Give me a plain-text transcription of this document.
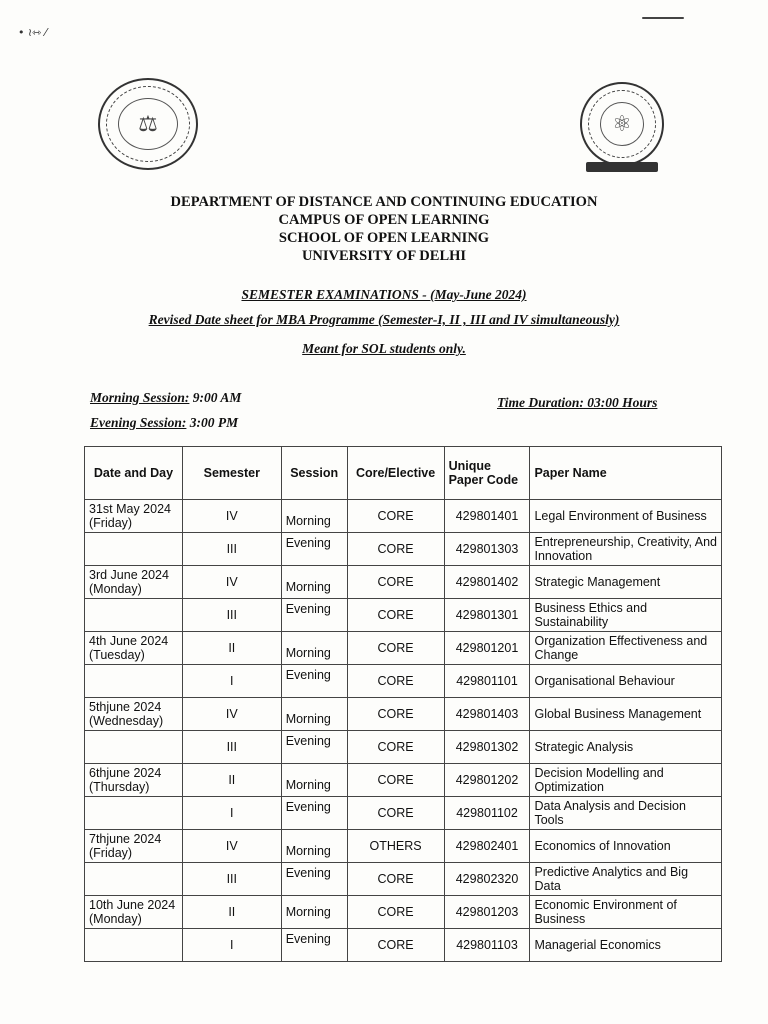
• ≀⇿ ⁄
⚖	⚛
DEPARTMENT OF DISTANCE AND CONTINUING EDUCATION
CAMPUS OF OPEN LEARNING
SCHOOL OF OPEN LEARNING
UNIVERSITY OF DELHI
SEMESTER EXAMINATIONS - (May-June 2024)
Revised Date sheet for MBA Programme (Semester-I, II , III and IV simultaneously)
Meant for SOL students only.
Morning Session: 9:00 AM
Evening Session: 3:00 PM
Time Duration: 03:00 Hours
Date and Day	Semester	Session	Core/Elective	Unique Paper Code	Paper Name
31st May 2024 (Friday)	IV	Morning	CORE	429801401	Legal Environment of Business
	III	Evening	CORE	429801303	Entrepreneurship, Creativity, And Innovation
3rd June 2024 (Monday)	IV	Morning	CORE	429801402	Strategic Management
	III	Evening	CORE	429801301	Business Ethics and Sustainability
4th June 2024 (Tuesday)	II	Morning	CORE	429801201	Organization Effectiveness and Change
	I	Evening	CORE	429801101	Organisational Behaviour
5thjune 2024 (Wednesday)	IV	Morning	CORE	429801403	Global Business Management
	III	Evening	CORE	429801302	Strategic Analysis
6thjune 2024 (Thursday)	II	Morning	CORE	429801202	Decision Modelling and Optimization
	I	Evening	CORE	429801102	Data Analysis and Decision Tools
7thjune 2024 (Friday)	IV	Morning	OTHERS	429802401	Economics of Innovation
	III	Evening	CORE	429802320	Predictive Analytics and Big Data
10th June 2024 (Monday)	II	Morning	CORE	429801203	Economic Environment of Business
	I	Evening	CORE	429801103	Managerial Economics
